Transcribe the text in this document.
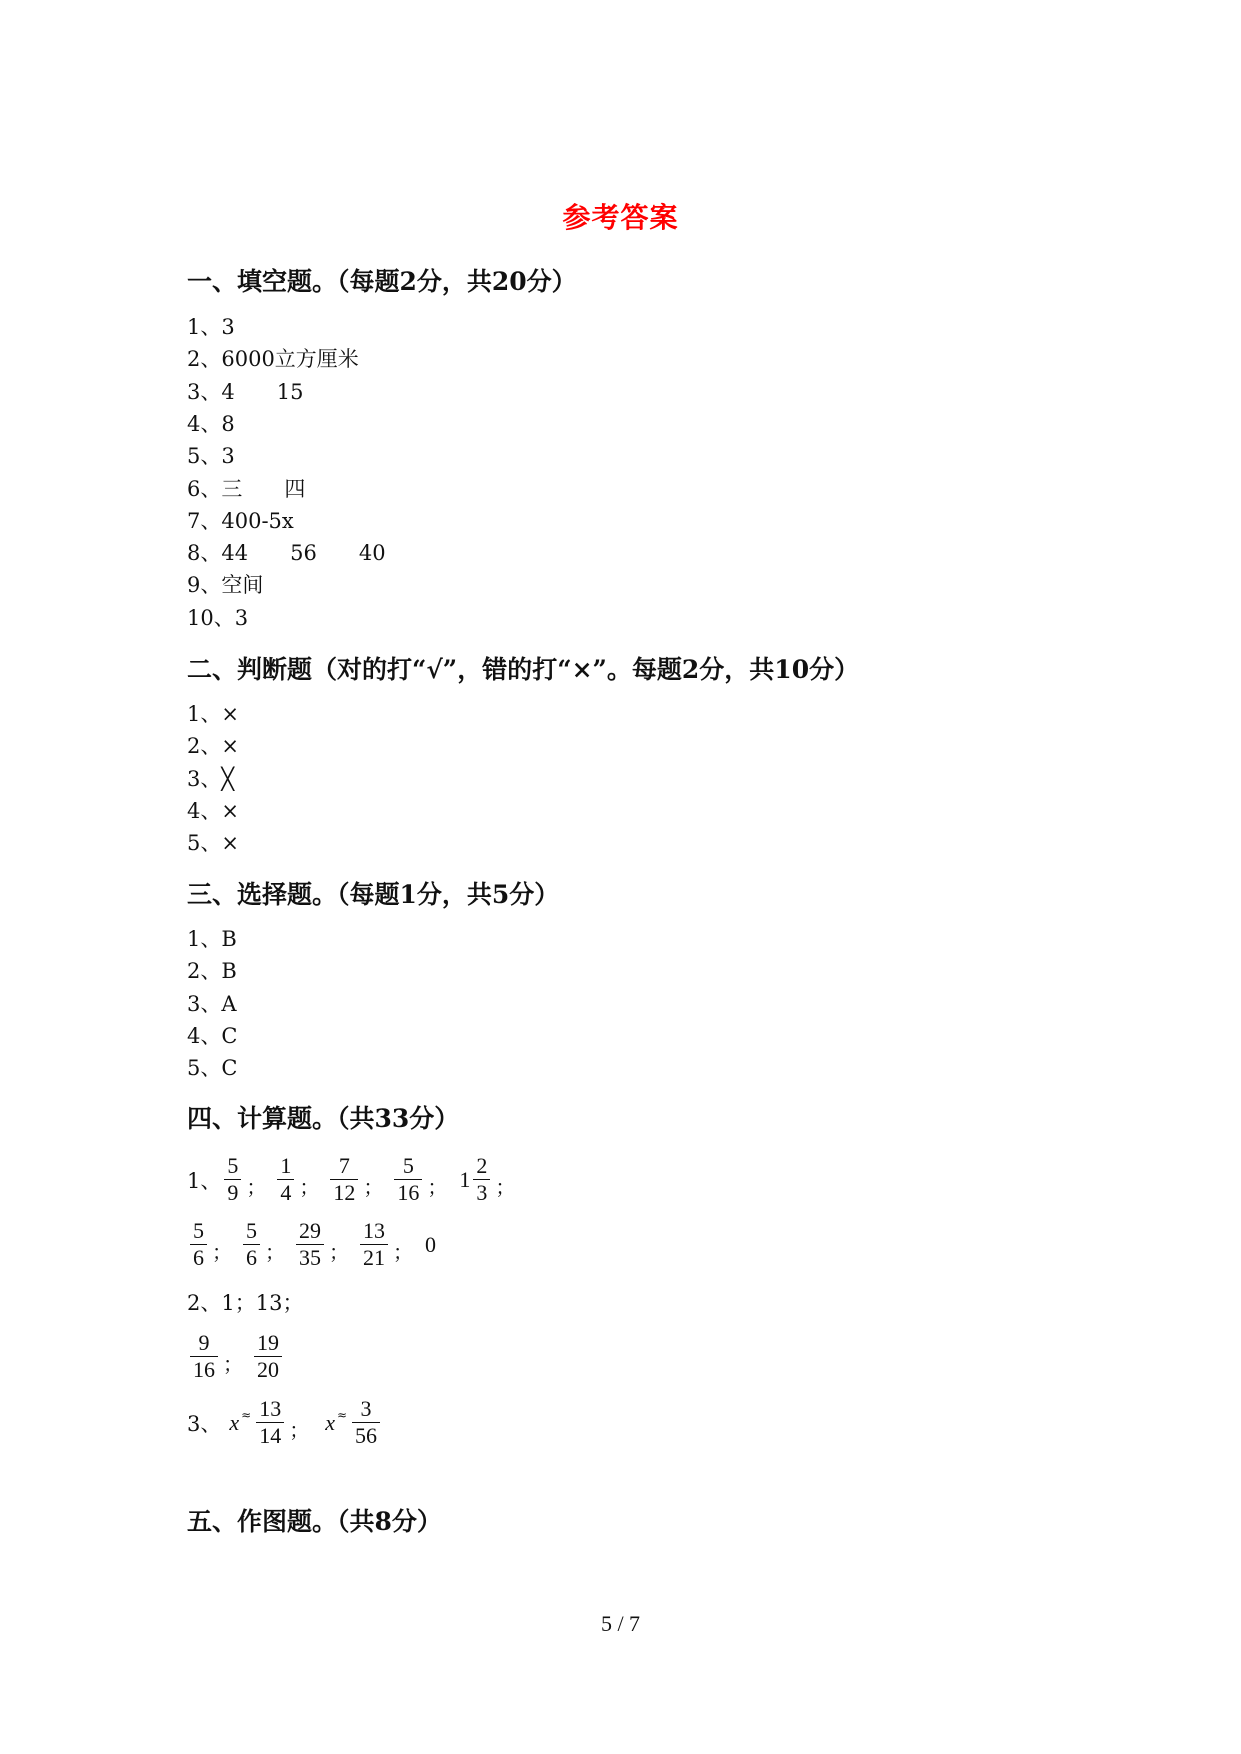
参考答案
一、填空题。（每题2分，共20分）
1、3
2、6000立方厘米
3、4 15
4、8
5、3
6、三 四
7、400-5x
8、44 56 40
9、空间
10、3
二、判断题（对的打“√”，错的打“×”。每题2分，共10分）
1、×
2、×
3、╳
4、×
5、×
三、选择题。（每题1分，共5分）
1、B
2、B
3、A
4、C
5、C
四、计算题。（共33分）
1、 $\frac{5}{9}$ ； $\frac{1}{4}$ ； $\frac{7}{12}$ ； $\frac{5}{16}$ ； $1 \frac{2}{3}$ ；
$\frac{5}{6}$ ； $\frac{5}{6}$ ； $\frac{29}{35}$ ； $\frac{13}{21}$ ； 0
2、1；13；
$\frac{9}{16}$ ； $\frac{19}{20}$
3、 $x \approx \frac{13}{14}$ ； $x \approx \frac{3}{56}$
五、作图题。（共8分）
5 / 7
